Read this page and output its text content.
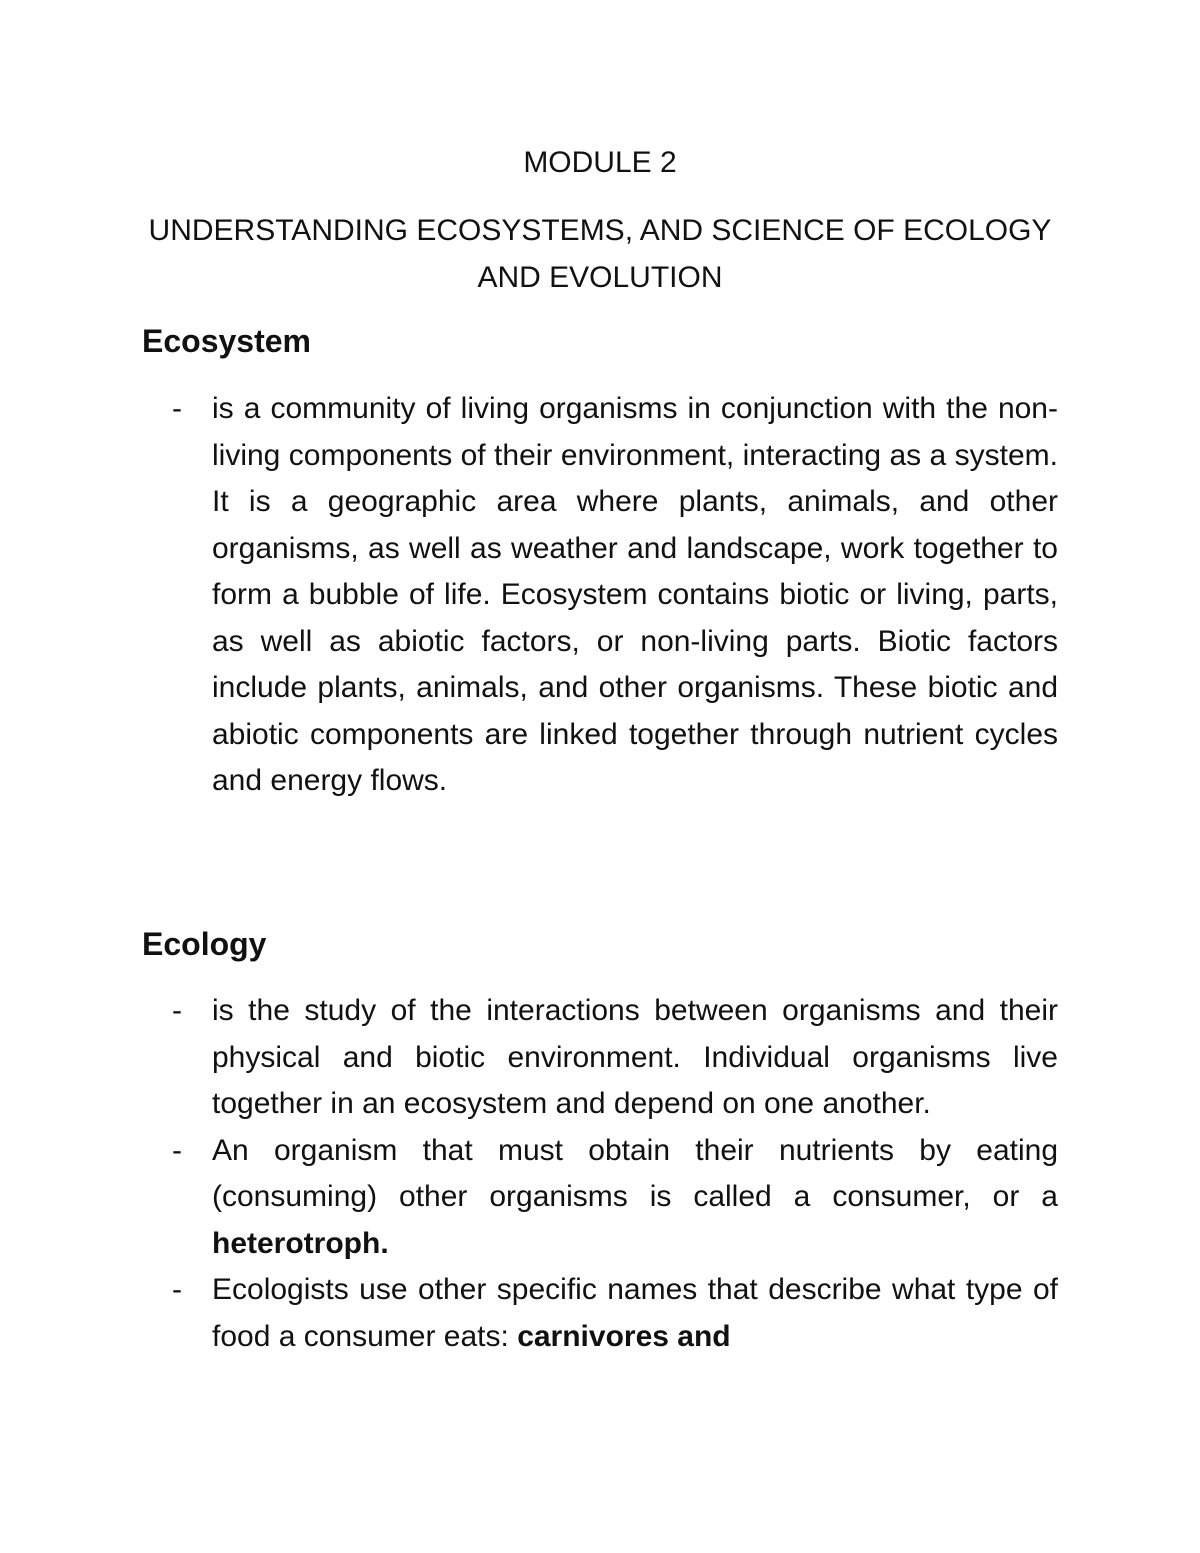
MODULE 2
UNDERSTANDING ECOSYSTEMS, AND SCIENCE OF ECOLOGY AND EVOLUTION
Ecosystem
- is a community of living organisms in conjunction with the non-living components of their environment, interacting as a system. It is a geographic area where plants, animals, and other organisms, as well as weather and landscape, work together to form a bubble of life. Ecosystem contains biotic or living, parts, as well as abiotic factors, or non-living parts. Biotic factors include plants, animals, and other organisms. These biotic and abiotic components are linked together through nutrient cycles and energy flows.
Ecology
- is the study of the interactions between organisms and their physical and biotic environment. Individual organisms live together in an ecosystem and depend on one another.
- An organism that must obtain their nutrients by eating (consuming) other organisms is called a consumer, or a heterotroph.
- Ecologists use other specific names that describe what type of food a consumer eats: carnivores and
